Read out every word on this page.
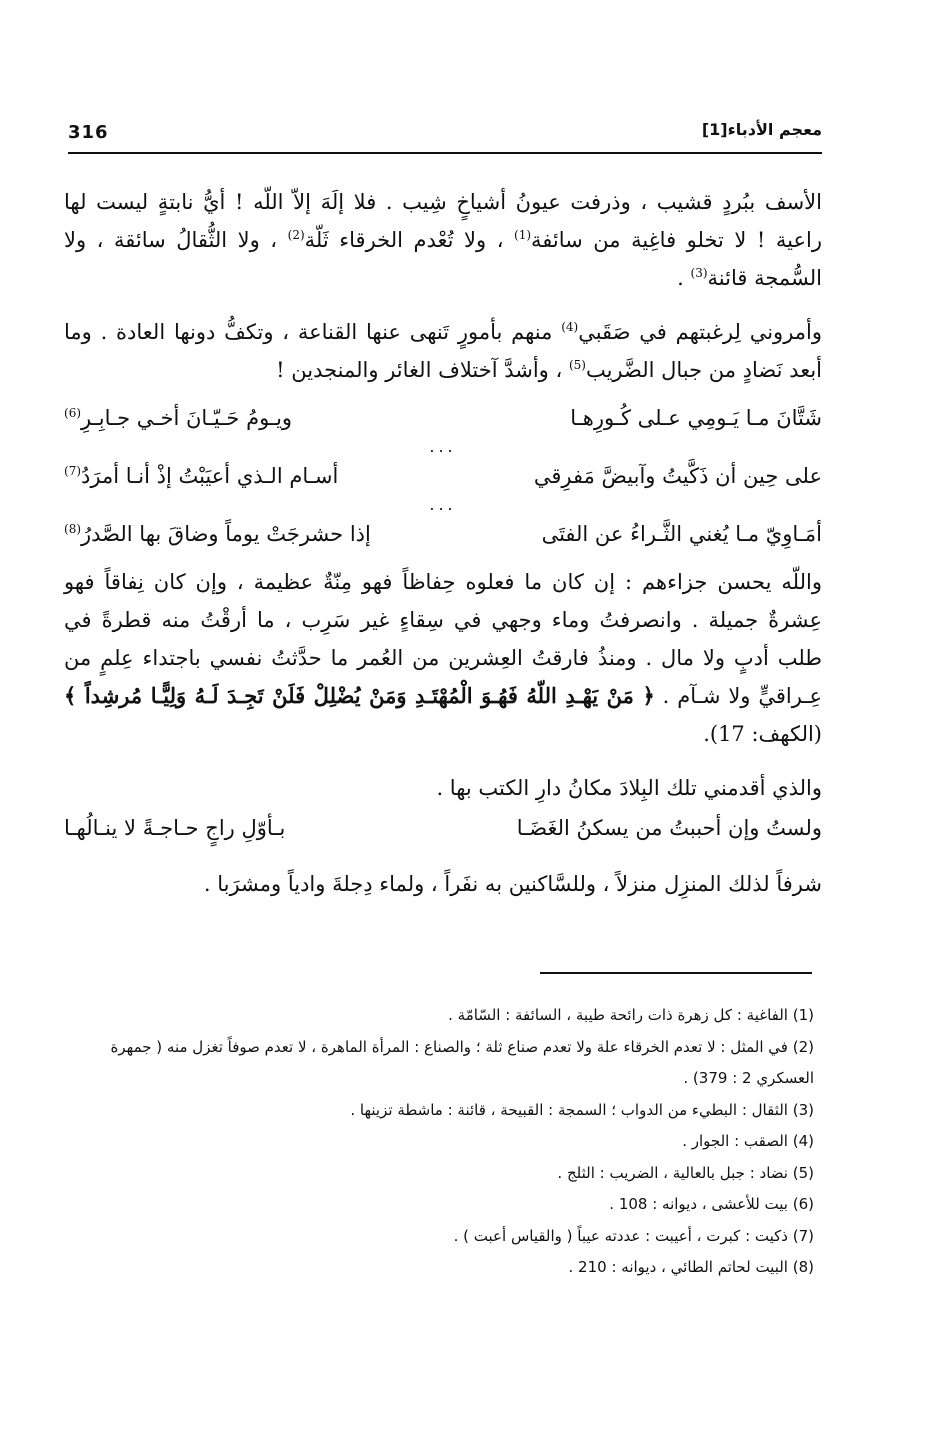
316	معجم الأدباء[1]

الأسف ببُردٍ قشيب ، وذرفت عيونُ أشياخٍ شِيب . فلا إلَهَ إلاّ اللّه ! أيُّ نابتةٍ ليست لها راعية ! لا تخلو فاغِية من سائفة$^{(1)}$ ، ولا تُعْدم الخرقاء ثَلّة$^{(2)}$ ، ولا الثُّقالُ سائقة ، ولا السُّمجة قائنة$^{(3)}$ .

وأمروني لِرغبتهم في صَقَبي$^{(4)}$ منهم بأمورٍ تَنهى عنها القناعة ، وتكفُّ دونها العادة . وما أبعد نَضادٍ من جبال الضَّريب$^{(5)}$ ، وأشدَّ آختلاف الغائر والمنجدين !

شَتَّانَ مـا يَـومِي عـلى كُـورِهـا
ويـومُ حَـيّـانَ أخـي جـابِـرِ$^{(6)}$
...
على حِين أن ذَكَّيتُ وآبيضَّ مَفرِقي
أسـام الـذي أعيَبْتُ إذْ أنـا أمرَدُ$^{(7)}$
...
أمَـاوِيّ مـا يُغني الثَّـراءُ عن الفتَى
إذا حشرجَتْ يوماً وضاقَ بها الصَّدرُ$^{(8)}$

واللّه يحسن جزاءهم : إن كان ما فعلوه حِفاظاً فهو مِنّةٌ عظيمة ، وإن كان نِفاقاً فهو عِشرةٌ جميلة . وانصرفتُ وماء وجهي في سِقاءٍ غير سَرِب ، ما أرقْتُ منه قطرةً في طلب أدبٍ ولا مال . ومنذُ فارقتُ العِشرين من العُمر ما حدَّثتُ نفسي باجتداء عِلمٍ من عِـراقيٍّ ولا شـآم . ﴿ مَنْ يَهْـدِ اللّهُ فَهُـوَ الْمُهْتَـدِ وَمَنْ يُضْلِلْ فَلَنْ تَجِـدَ لَـهُ وَلِيًّـا مُرشِداً ﴾ (الكهف: 17).

والذي أقدمني تلك البِلادَ مكانُ دارِ الكتب بها .

ولستُ وإن أحببتُ من يسكنُ الغَضَـا
بـأوّلِ راجٍ حـاجـةً لا ينـالُهـا

شرفاً لذلك المنزِل منزلاً ، وللسَّاكنين به نفَراً ، ولماء دِجلةَ وادياً ومشرَبا .

(1) الفاغية : كل زهرة ذات رائحة طيبة ، السائفة : السّامّة .

(2) في المثل : لا تعدم الخرقاء علة ولا تعدم صناع ثلة ؛ والصناع : المرأة الماهرة ، لا تعدم صوفاً تغزل منه ( جمهرة العسكري 2 : 379) .

(3) الثقال : البطيء من الدواب ؛ السمجة : القبيحة ، قائنة : ماشطة تزينها .

(4) الصقب : الجوار .

(5) نضاد : جبل بالعالية ، الضريب : الثلج .

(6) بيت للأعشى ، ديوانه : 108 .

(7) ذكيت : كبرت ، أعيبت : عددته عيباً ( والقياس أعبت ) .

(8) البيت لحاتم الطائي ، ديوانه : 210 .
